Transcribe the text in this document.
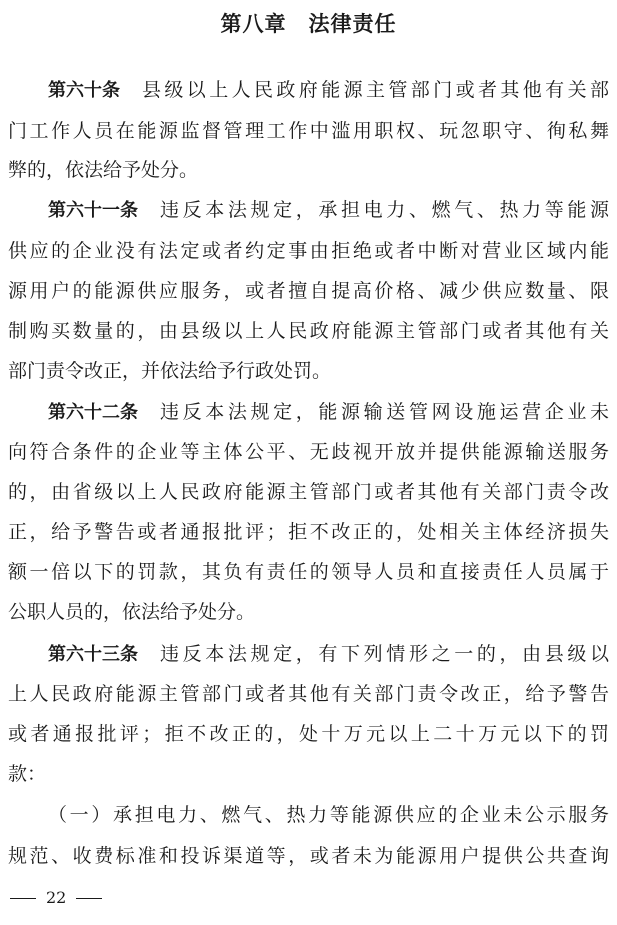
第八章 法律责任
第六十条 县级以上人民政府能源主管部门或者其他有关部
门工作人员在能源监督管理工作中滥用职权、玩忽职守、徇私舞
弊的，依法给予处分。
第六十一条 违反本法规定，承担电力、燃气、热力等能源
供应的企业没有法定或者约定事由拒绝或者中断对营业区域内能
源用户的能源供应服务，或者擅自提高价格、减少供应数量、限
制购买数量的，由县级以上人民政府能源主管部门或者其他有关
部门责令改正，并依法给予行政处罚。
第六十二条 违反本法规定，能源输送管网设施运营企业未
向符合条件的企业等主体公平、无歧视开放并提供能源输送服务
的，由省级以上人民政府能源主管部门或者其他有关部门责令改
正，给予警告或者通报批评；拒不改正的，处相关主体经济损失
额一倍以下的罚款，其负有责任的领导人员和直接责任人员属于
公职人员的，依法给予处分。
第六十三条 违反本法规定，有下列情形之一的，由县级以
上人民政府能源主管部门或者其他有关部门责令改正，给予警告
或者通报批评；拒不改正的，处十万元以上二十万元以下的罚
款：
（一）承担电力、燃气、热力等能源供应的企业未公示服务
规范、收费标准和投诉渠道等，或者未为能源用户提供公共查询
22
